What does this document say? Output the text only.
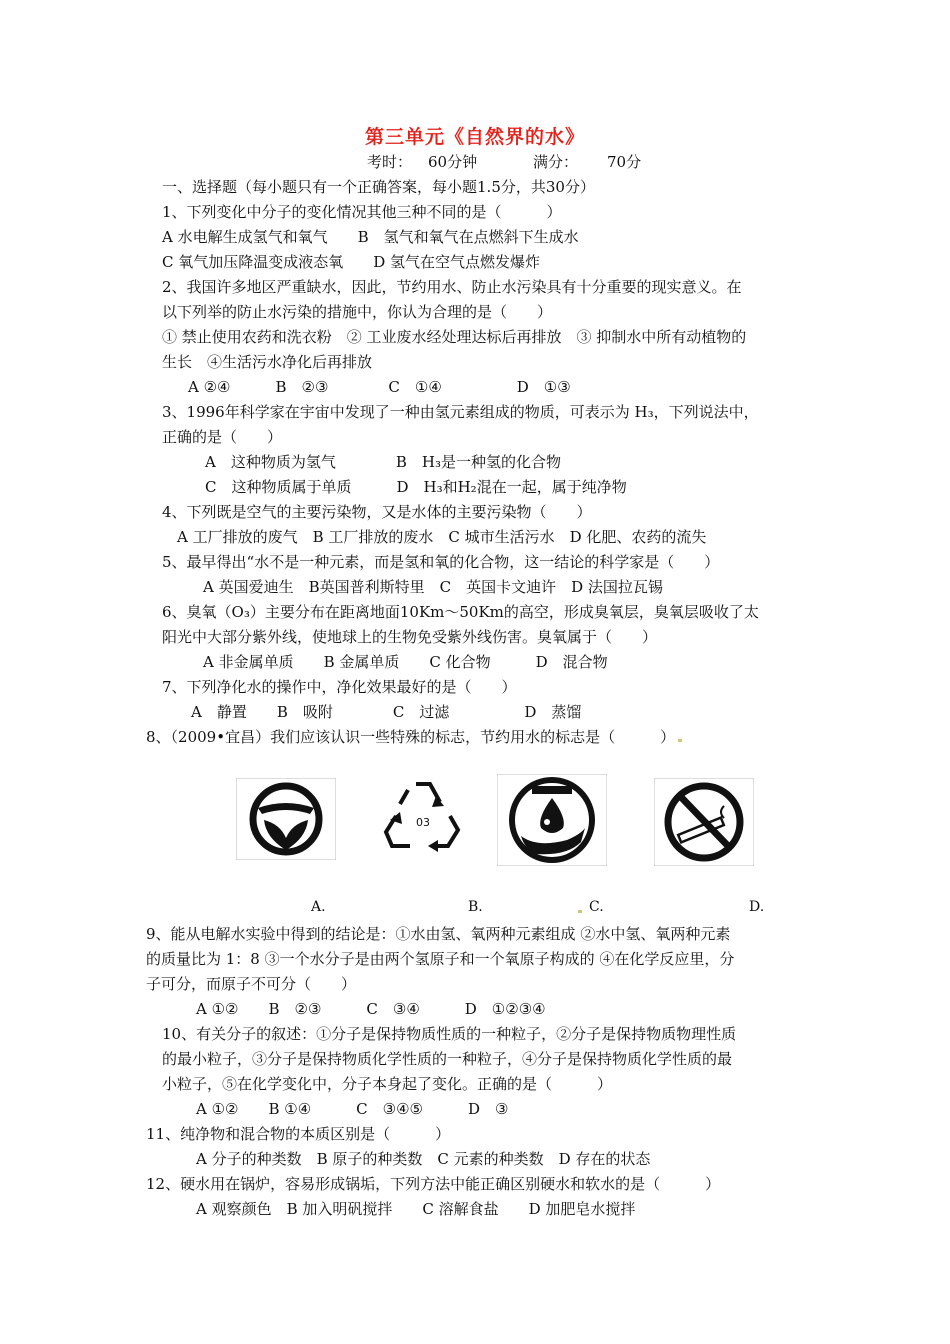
第三单元《自然界的水》
考时： 60分钟	满分： 70分
一、选择题（每小题只有一个正确答案，每小题1.5分，共30分）
1、下列变化中分子的变化情况其他三种不同的是（　　　）
A 水电解生成氢气和氧气　　B　氢气和氧气在点燃斜下生成水
C 氧气加压降温变成液态氧　　D 氢气在空气点燃发爆炸
2、我国许多地区严重缺水，因此，节约用水、防止水污染具有十分重要的现实意义。在
以下列举的防止水污染的措施中，你认为合理的是（　　）
① 禁止使用农药和洗衣粉　② 工业废水经处理达标后再排放　③ 抑制水中所有动植物的
生长　④生活污水净化后再排放
A ②④　　　B　②③　　　　C　①④　　　　　D　①③
3、1996年科学家在宇宙中发现了一种由氢元素组成的物质，可表示为 H₃，下列说法中，
正确的是（　　）
A　这种物质为氢气　　　　B　H₃是一种氢的化合物
C　这种物质属于单质　　　D　H₃和H₂混在一起，属于纯净物
4、下列既是空气的主要污染物，又是水体的主要污染物（　　）
A 工厂排放的废气　B 工厂排放的废水　C 城市生活污水　D 化肥、农药的流失
5、最早得出“水不是一种元素，而是氢和氧的化合物，这一结论的科学家是（　　）
A 英国爱迪生　B英国普利斯特里　C　英国卡文迪许　D 法国拉瓦锡
6、臭氧（O₃）主要分布在距离地面10Km～50Km的高空，形成臭氧层，臭氧层吸收了太
阳光中大部分紫外线，使地球上的生物免受紫外线伤害。臭氧属于（　　）
A 非金属单质　　B 金属单质　　C 化合物　　　D　混合物
7、下列净化水的操作中，净化效果最好的是（　　）
A　静置　　B　吸附　　　　C　过滤　　　　　D　蒸馏
8、（2009•宜昌）我们应该认识一些特殊的标志，节约用水的标志是（　　　）
03
A.	B.	C.	D.
9、能从电解水实验中得到的结论是：①水由氢、氧两种元素组成 ②水中氢、氧两种元素
的质量比为 1：8 ③一个水分子是由两个氢原子和一个氧原子构成的 ④在化学反应里，分
子可分，而原子不可分（　　）
A ①②　　B　②③　　　C　③④　　　D　①②③④
10、有关分子的叙述：①分子是保持物质性质的一种粒子，②分子是保持物质物理性质
的最小粒子，③分子是保持物质化学性质的一种粒子，④分子是保持物质化学性质的最
小粒子，⑤在化学变化中，分子本身起了变化。正确的是（　　　）
A ①②　　B ①④　　　C　③④⑤　　　D　③
11、纯净物和混合物的本质区别是（　　　）
A 分子的种类数　B 原子的种类数　C 元素的种类数　D 存在的状态
12、硬水用在锅炉，容易形成锅垢，下列方法中能正确区别硬水和软水的是（　　　）
A 观察颜色　B 加入明矾搅拌　　C 溶解食盐　　D 加肥皂水搅拌
